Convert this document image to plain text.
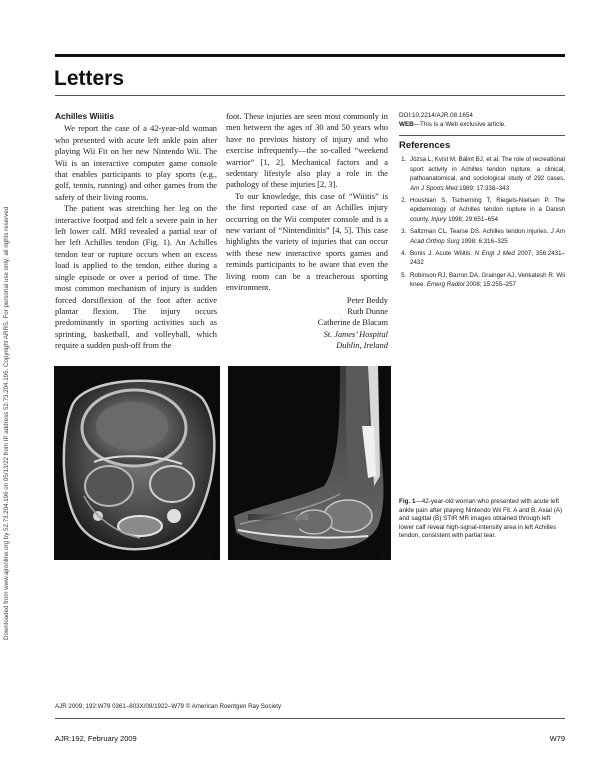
Downloaded from www.ajronline.org by 52.73.204.196 on 05/13/22 from IP address 52.73.204.196. Copyright ARRS. For personal use only; all rights reserved
Letters
Achilles Wiiitis

We report the case of a 42-year-old woman who presented with acute left ankle pain after playing Wii Fit on her new Nintendo Wii. The Wii is an interactive computer game console that enables participants to play sports (e.g., golf, tennis, running) and other games from the safety of their living rooms.

The patient was stretching her leg on the interactive footpad and felt a severe pain in her left lower calf. MRI revealed a partial tear of her left Achilles tendon (Fig. 1). An Achilles tendon tear or rupture occurs when an excess load is applied to the tendon, either during a single episode or over a period of time. The most common mechanism of injury is sudden forced dorsiflexion of the foot after active plantar flexion. The injury occurs predominantly in sporting activities such as sprinting, basketball, and volleyball, which require a sudden push-off from the

foot. These injuries are seen most commonly in men between the ages of 30 and 50 years who have no previous history of injury and who exercise infrequently—the so-called “weekend warrior” [1, 2]. Mechanical factors and a sedentary lifestyle also play a role in the pathology of these injuries [2, 3].

To our knowledge, this case of “Wiiitis” is the first reported case of an Achilles injury occurring on the Wii computer console and is a new variant of “Nintendinitis” [4, 5]. This case highlights the variety of injuries that can occur with these new interactive sports games and reminds participants to be aware that even the living room can be a treacherous sporting environment.

Peter Beddy
Ruth Dunne
Catherine de Blacam
St. James’ Hospital
Dublin, Ireland
DOI:10.2214/AJR.08.1654
WEB—This is a Web exclusive article.
References
1. Józsa L, Kvist M, Bálint BJ, et al. The role of recreational sport activity in Achilles tendon rupture: a clinical, pathoanatomical, and sociological study of 292 cases. Am J Sports Med 1989; 17:338–343
2. Houshian S, Tscherning T, Riegels-Nielsen P. The epidemiology of Achilles tendon rupture in a Danish county. Injury 1998; 29:651–654
3. Saltzman CL, Tearse DS. Achilles tendon injuries. J Am Acad Orthop Surg 1998; 6:316–325
4. Bonis J. Acute Wiiitis. N Engl J Med 2007; 356:2431–2432
5. Robinson RJ, Barron DA, Grainger AJ, Venkatesh R. Wii knee. Emerg Radiol 2008; 15:255–257
A	B
Fig. 1—42-year-old woman who presented with acute left ankle pain after playing Nintendo Wii Fit. A and B, Axial (A) and sagittal (B) STIR MR images obtained through left lower calf reveal high-signal-intensity area in left Achilles tendon, consistent with partial tear.
AJR 2009; 192:W79 0361–803X/09/1922–W79 © American Roentgen Ray Society
AJR:192, February 2009	W79
